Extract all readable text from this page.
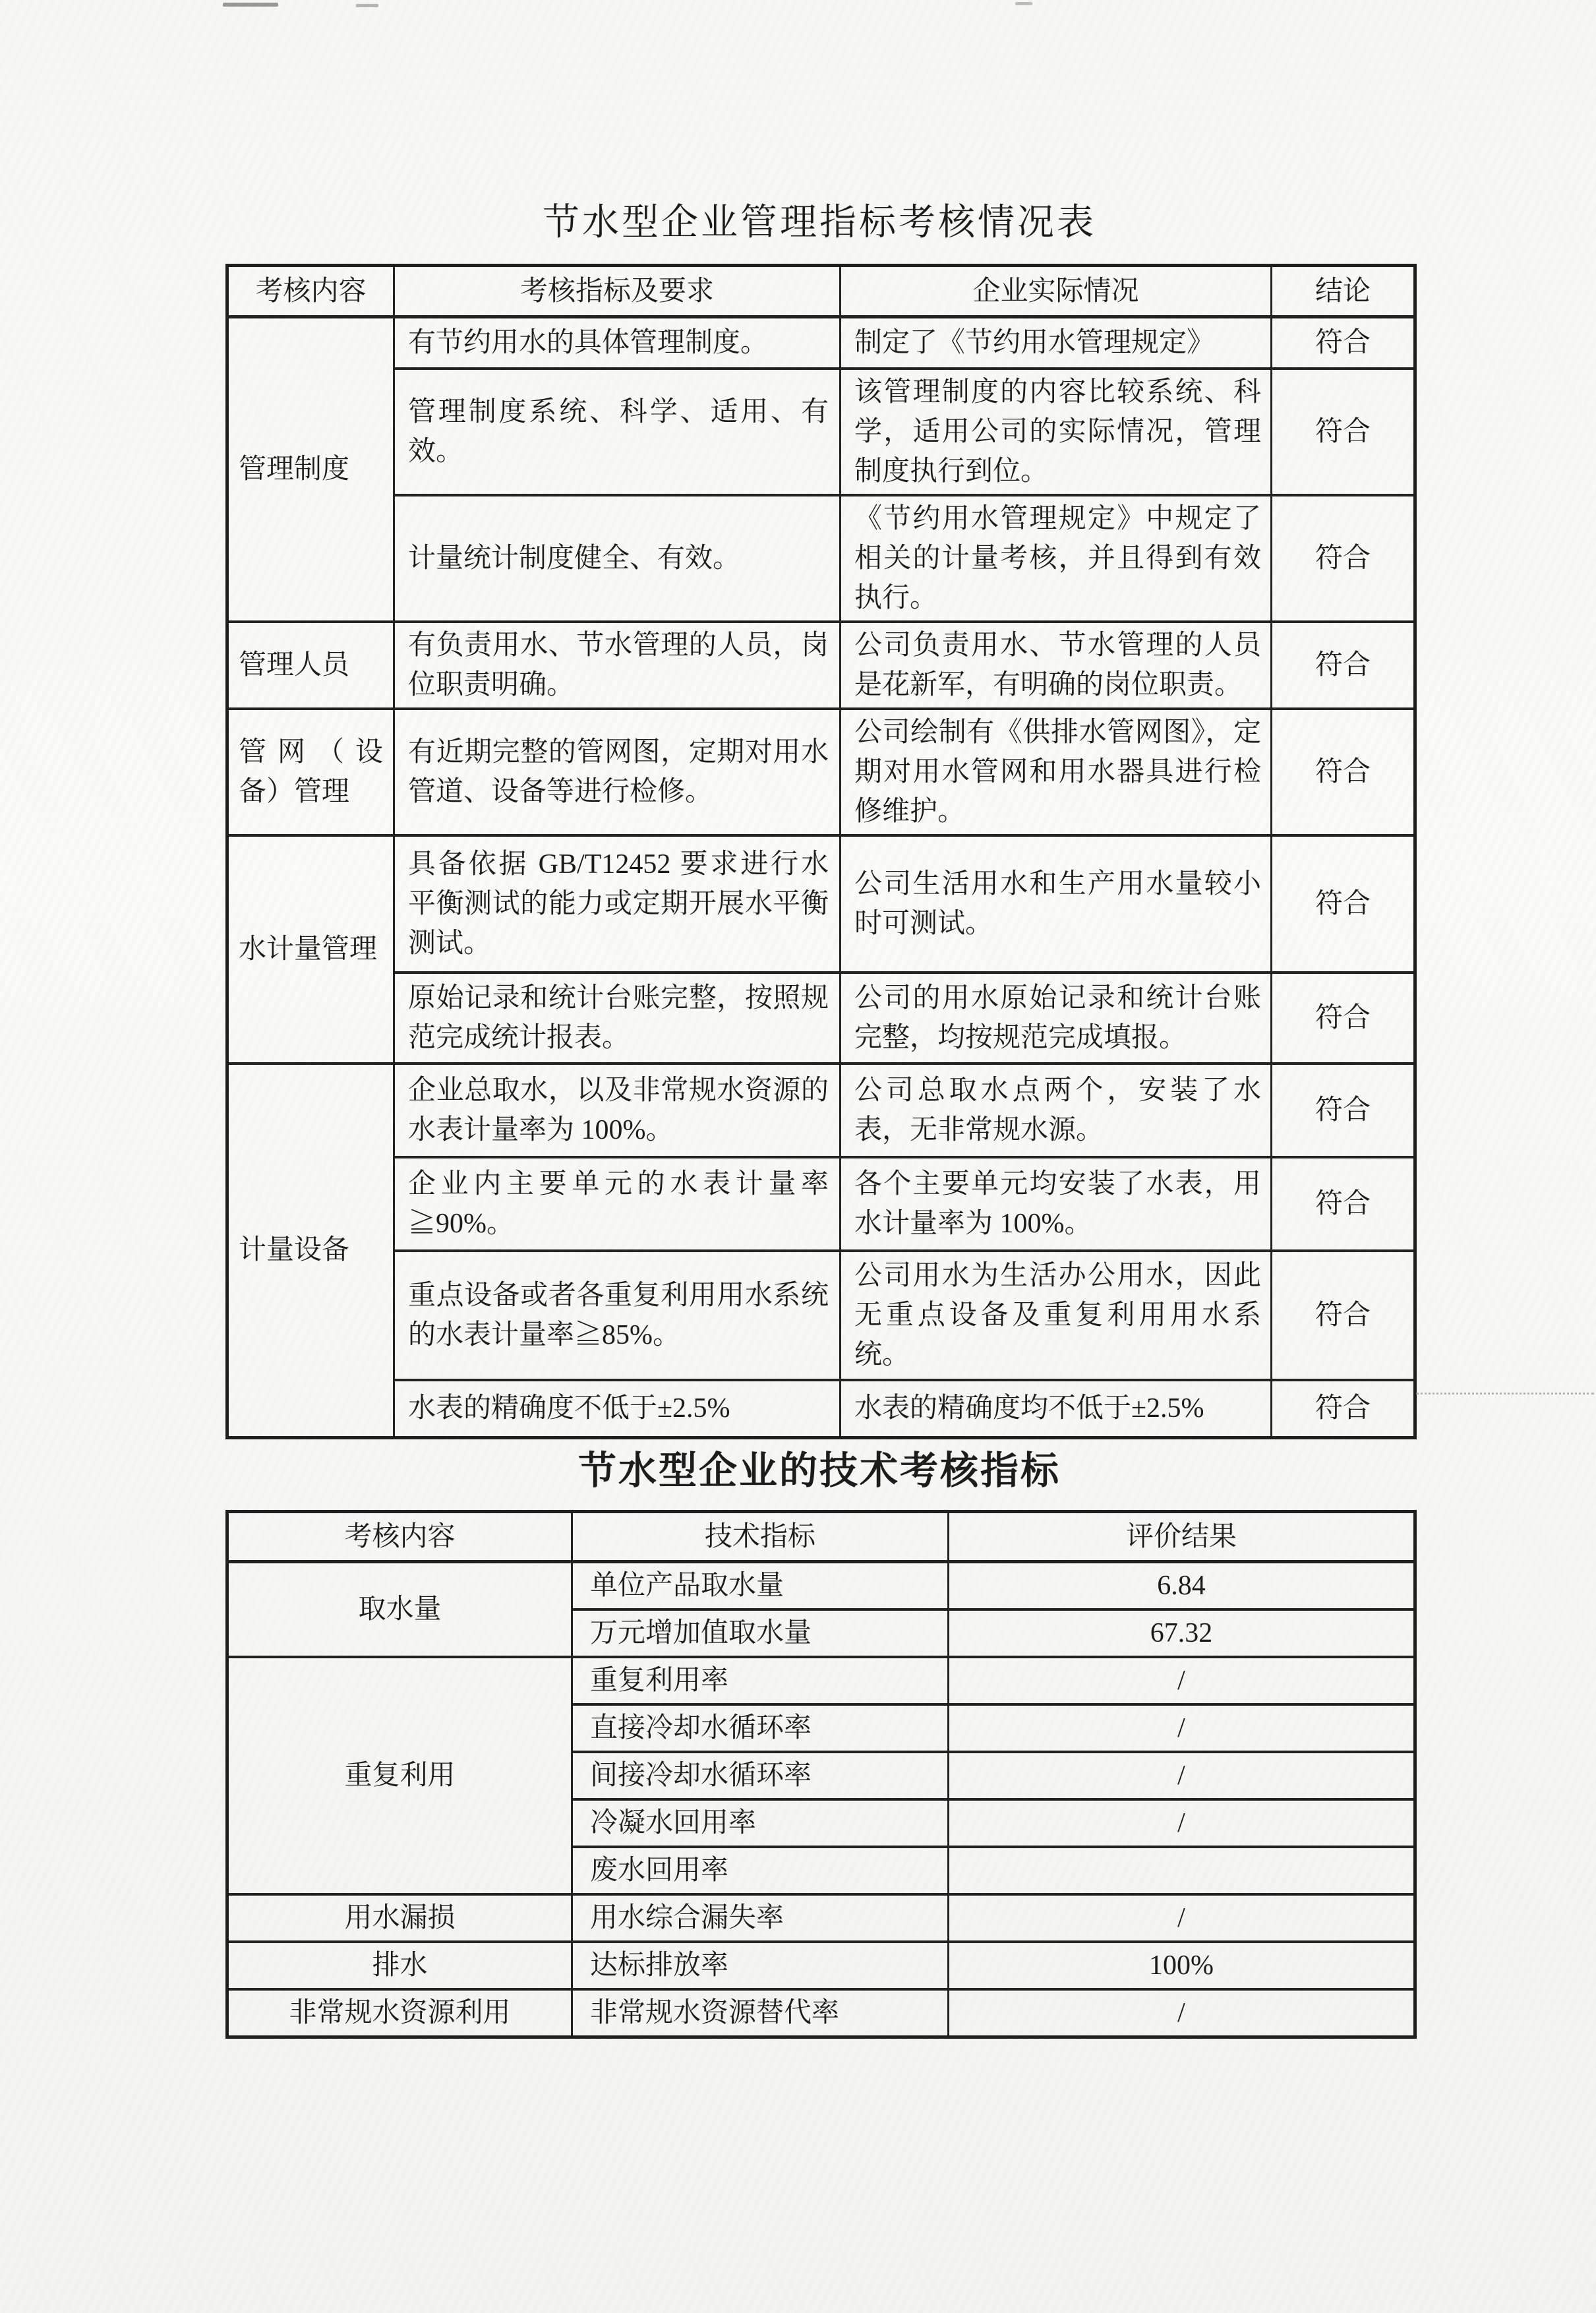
节水型企业管理指标考核情况表
考核内容	考核指标及要求	企业实际情况	结论
管理制度	有节约用水的具体管理制度。	制定了《节约用水管理规定》	符合
	管理制度系统、科学、适用、有效。	该管理制度的内容比较系统、科学，适用公司的实际情况，管理制度执行到位。	符合
	计量统计制度健全、有效。	《节约用水管理规定》中规定了相关的计量考核，并且得到有效执行。	符合
管理人员	有负责用水、节水管理的人员，岗位职责明确。	公司负责用水、节水管理的人员是花新军，有明确的岗位职责。	符合
管网（设备）管理	有近期完整的管网图，定期对用水管道、设备等进行检修。	公司绘制有《供排水管网图》，定期对用水管网和用水器具进行检修维护。	符合
水计量管理	具备依据 GB/T12452 要求进行水平衡测试的能力或定期开展水平衡测试。	公司生活用水和生产用水量较小时可测试。	符合
	原始记录和统计台账完整，按照规范完成统计报表。	公司的用水原始记录和统计台账完整，均按规范完成填报。	符合
计量设备	企业总取水，以及非常规水资源的水表计量率为 100%。	公司总取水点两个，安装了水表，无非常规水源。	符合
	企业内主要单元的水表计量率≧90%。	各个主要单元均安装了水表，用水计量率为 100%。	符合
	重点设备或者各重复利用用水系统的水表计量率≧85%。	公司用水为生活办公用水，因此无重点设备及重复利用用水系统。	符合
	水表的精确度不低于±2.5%	水表的精确度均不低于±2.5%	符合
节水型企业的技术考核指标
考核内容	技术指标	评价结果
取水量	单位产品取水量	6.84
	万元增加值取水量	67.32
重复利用	重复利用率	/
	直接冷却水循环率	/
	间接冷却水循环率	/
	冷凝水回用率	/
	废水回用率	
用水漏损	用水综合漏失率	/
排水	达标排放率	100%
非常规水资源利用	非常规水资源替代率	/
